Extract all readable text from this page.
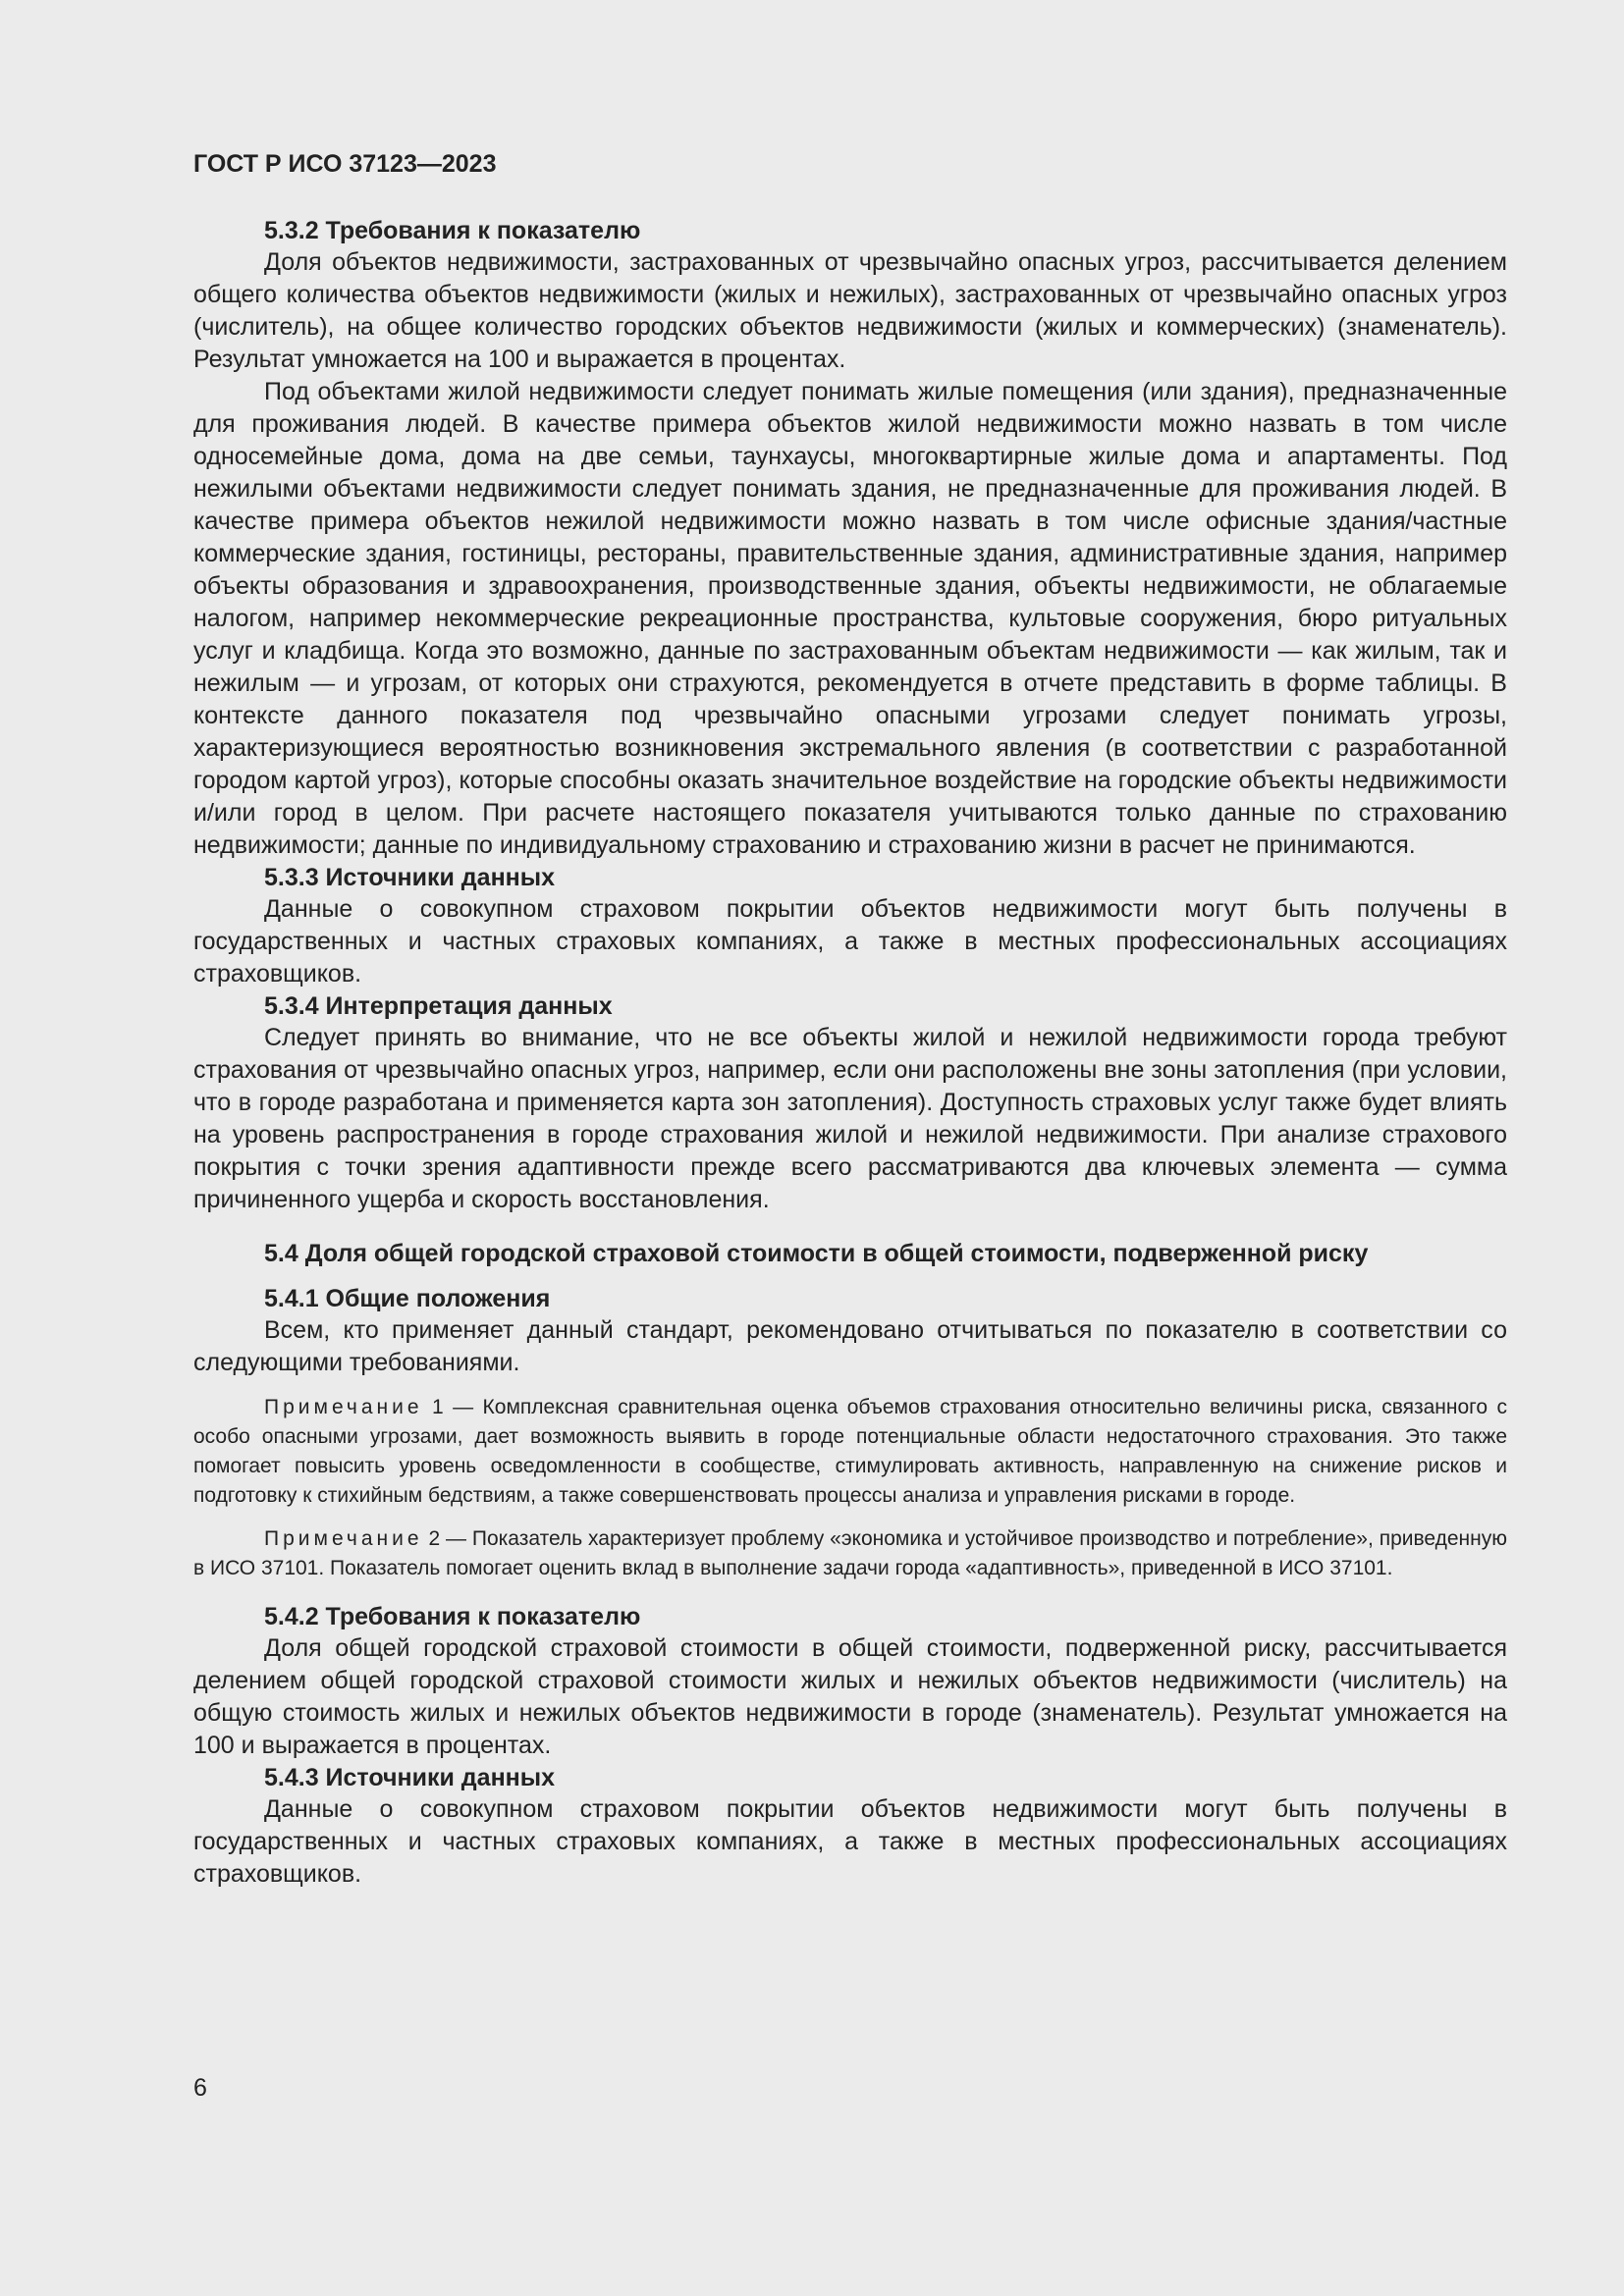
ГОСТ Р ИСО 37123—2023
5.3.2 Требования к показателю

Доля объектов недвижимости, застрахованных от чрезвычайно опасных угроз, рассчитывается делением общего количества объектов недвижимости (жилых и нежилых), застрахованных от чрезвычайно опасных угроз (числитель), на общее количество городских объектов недвижимости (жилых и коммерческих) (знаменатель). Результат умножается на 100 и выражается в процентах.

Под объектами жилой недвижимости следует понимать жилые помещения (или здания), предназначенные для проживания людей. В качестве примера объектов жилой недвижимости можно назвать в том числе односемейные дома, дома на две семьи, таунхаусы, многоквартирные жилые дома и апартаменты. Под нежилыми объектами недвижимости следует понимать здания, не предназначенные для проживания людей. В качестве примера объектов нежилой недвижимости можно назвать в том числе офисные здания/частные коммерческие здания, гостиницы, рестораны, правительственные здания, административные здания, например объекты образования и здравоохранения, производственные здания, объекты недвижимости, не облагаемые налогом, например некоммерческие рекреационные пространства, культовые сооружения, бюро ритуальных услуг и кладбища. Когда это возможно, данные по застрахованным объектам недвижимости — как жилым, так и нежилым — и угрозам, от которых они страхуются, рекомендуется в отчете представить в форме таблицы. В контексте данного показателя под чрезвычайно опасными угрозами следует понимать угрозы, характеризующиеся вероятностью возникновения экстремального явления (в соответствии с разработанной городом картой угроз), которые способны оказать значительное воздействие на городские объекты недвижимости и/или город в целом. При расчете настоящего показателя учитываются только данные по страхованию недвижимости; данные по индивидуальному страхованию и страхованию жизни в расчет не принимаются.

5.3.3 Источники данных

Данные о совокупном страховом покрытии объектов недвижимости могут быть получены в государственных и частных страховых компаниях, а также в местных профессиональных ассоциациях страховщиков.

5.3.4 Интерпретация данных

Следует принять во внимание, что не все объекты жилой и нежилой недвижимости города требуют страхования от чрезвычайно опасных угроз, например, если они расположены вне зоны затопления (при условии, что в городе разработана и применяется карта зон затопления). Доступность страховых услуг также будет влиять на уровень распространения в городе страхования жилой и нежилой недвижимости. При анализе страхового покрытия с точки зрения адаптивности прежде всего рассматриваются два ключевых элемента — сумма причиненного ущерба и скорость восстановления.

5.4 Доля общей городской страховой стоимости в общей стоимости, подверженной риску
5.4.1 Общие положения

Всем, кто применяет данный стандарт, рекомендовано отчитываться по показателю в соответствии со следующими требованиями.

Примечание 1 — Комплексная сравнительная оценка объемов страхования относительно величины риска, связанного с особо опасными угрозами, дает возможность выявить в городе потенциальные области недостаточного страхования. Это также помогает повысить уровень осведомленности в сообществе, стимулировать активность, направленную на снижение рисков и подготовку к стихийным бедствиям, а также совершенствовать процессы анализа и управления рисками в городе.

Примечание 2 — Показатель характеризует проблему «экономика и устойчивое производство и потребление», приведенную в ИСО 37101. Показатель помогает оценить вклад в выполнение задачи города «адаптивность», приведенной в ИСО 37101.

5.4.2 Требования к показателю

Доля общей городской страховой стоимости в общей стоимости, подверженной риску, рассчитывается делением общей городской страховой стоимости жилых и нежилых объектов недвижимости (числитель) на общую стоимость жилых и нежилых объектов недвижимости в городе (знаменатель). Результат умножается на 100 и выражается в процентах.

5.4.3 Источники данных

Данные о совокупном страховом покрытии объектов недвижимости могут быть получены в государственных и частных страховых компаниях, а также в местных профессиональных ассоциациях страховщиков.

6
